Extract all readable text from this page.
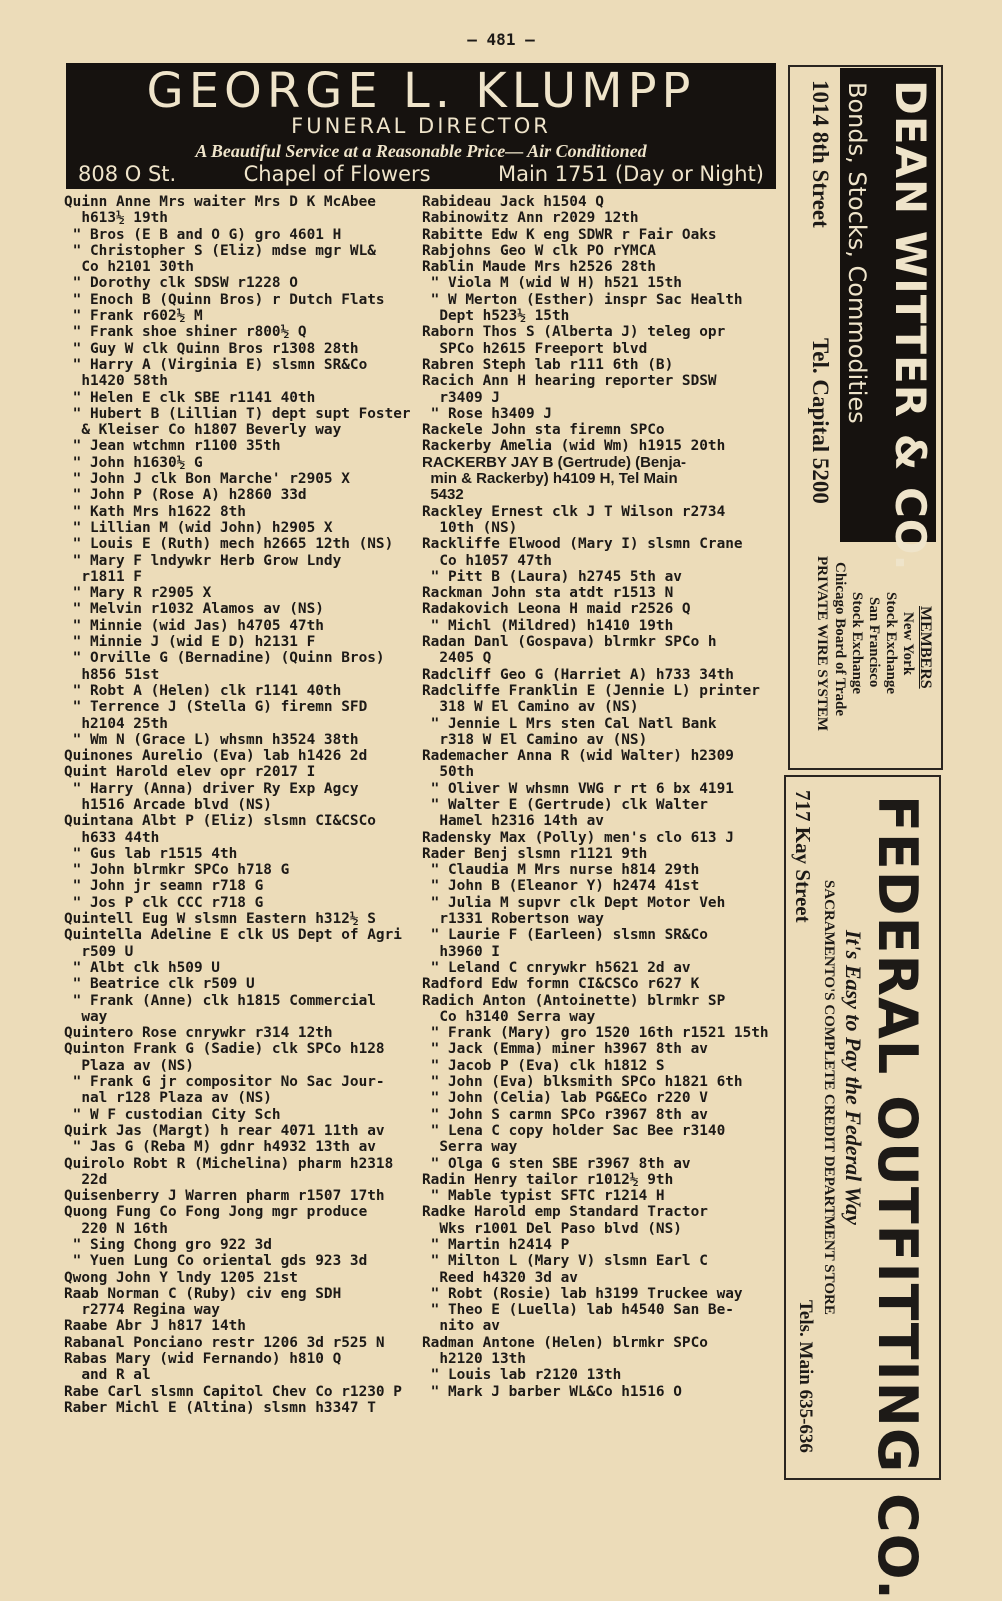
— 481 —
GEORGE L. KLUMPP
FUNERAL DIRECTOR
A Beautiful Service at a Reasonable Price— Air Conditioned
808 O St.	Chapel of Flowers	Main 1751 (Day or Night)
Quinn Anne Mrs waiter Mrs D K McAbee
h613½ 19th
" Bros (E B and O G) gro 4601 H
" Christopher S (Eliz) mdse mgr WL&
Co h2101 30th
" Dorothy clk SDSW r1228 O
" Enoch B (Quinn Bros) r Dutch Flats
" Frank r602½ M
" Frank shoe shiner r800½ Q
" Guy W clk Quinn Bros r1308 28th
" Harry A (Virginia E) slsmn SR&Co
h1420 58th
" Helen E clk SBE r1141 40th
" Hubert B (Lillian T) dept supt Foster
& Kleiser Co h1807 Beverly way
" Jean wtchmn r1100 35th
" John h1630½ G
" John J clk Bon Marche' r2905 X
" John P (Rose A) h2860 33d
" Kath Mrs h1622 8th
" Lillian M (wid John) h2905 X
" Louis E (Ruth) mech h2665 12th (NS)
" Mary F lndywkr Herb Grow Lndy
r1811 F
" Mary R r2905 X
" Melvin r1032 Alamos av (NS)
" Minnie (wid Jas) h4705 47th
" Minnie J (wid E D) h2131 F
" Orville G (Bernadine) (Quinn Bros)
h856 51st
" Robt A (Helen) clk r1141 40th
" Terrence J (Stella G) firemn SFD
h2104 25th
" Wm N (Grace L) whsmn h3524 38th
Quinones Aurelio (Eva) lab h1426 2d
Quint Harold elev opr r2017 I
" Harry (Anna) driver Ry Exp Agcy
h1516 Arcade blvd (NS)
Quintana Albt P (Eliz) slsmn CI&CSCo
h633 44th
" Gus lab r1515 4th
" John blrmkr SPCo h718 G
" John jr seamn r718 G
" Jos P clk CCC r718 G
Quintell Eug W slsmn Eastern h312½ S
Quintella Adeline E clk US Dept of Agri
r509 U
" Albt clk h509 U
" Beatrice clk r509 U
" Frank (Anne) clk h1815 Commercial
way
Quintero Rose cnrywkr r314 12th
Quinton Frank G (Sadie) clk SPCo h128
Plaza av (NS)
" Frank G jr compositor No Sac Jour-
nal r128 Plaza av (NS)
" W F custodian City Sch
Quirk Jas (Margt) h rear 4071 11th av
" Jas G (Reba M) gdnr h4932 13th av
Quirolo Robt R (Michelina) pharm h2318
22d
Quisenberry J Warren pharm r1507 17th
Quong Fung Co Fong Jong mgr produce
220 N 16th
" Sing Chong gro 922 3d
" Yuen Lung Co oriental gds 923 3d
Qwong John Y lndy 1205 21st
Raab Norman C (Ruby) civ eng SDH
r2774 Regina way
Raabe Abr J h817 14th
Rabanal Ponciano restr 1206 3d r525 N
Rabas Mary (wid Fernando) h810 Q
and R al
Rabe Carl slsmn Capitol Chev Co r1230 P
Raber Michl E (Altina) slsmn h3347 T
Rabideau Jack h1504 Q
Rabinowitz Ann r2029 12th
Rabitte Edw K eng SDWR r Fair Oaks
Rabjohns Geo W clk PO rYMCA
Rablin Maude Mrs h2526 28th
" Viola M (wid W H) h521 15th
" W Merton (Esther) inspr Sac Health
Dept h523½ 15th
Raborn Thos S (Alberta J) teleg opr
SPCo h2615 Freeport blvd
Rabren Steph lab r111 6th (B)
Racich Ann H hearing reporter SDSW
r3409 J
" Rose h3409 J
Rackele John sta firemn SPCo
Rackerby Amelia (wid Wm) h1915 20th
RACKERBY JAY B (Gertrude) (Benja-
min & Rackerby) h4109 H, Tel Main
5432
Rackley Ernest clk J T Wilson r2734
10th (NS)
Rackliffe Elwood (Mary I) slsmn Crane
Co h1057 47th
" Pitt B (Laura) h2745 5th av
Rackman John sta atdt r1513 N
Radakovich Leona H maid r2526 Q
" Michl (Mildred) h1410 19th
Radan Danl (Gospava) blrmkr SPCo h
2405 Q
Radcliff Geo G (Harriet A) h733 34th
Radcliffe Franklin E (Jennie L) printer
318 W El Camino av (NS)
" Jennie L Mrs sten Cal Natl Bank
r318 W El Camino av (NS)
Rademacher Anna R (wid Walter) h2309
50th
" Oliver W whsmn VWG r rt 6 bx 4191
" Walter E (Gertrude) clk Walter
Hamel h2316 14th av
Radensky Max (Polly) men's clo 613 J
Rader Benj slsmn r1121 9th
" Claudia M Mrs nurse h814 29th
" John B (Eleanor Y) h2474 41st
" Julia M supvr clk Dept Motor Veh
r1331 Robertson way
" Laurie F (Earleen) slsmn SR&Co
h3960 I
" Leland C cnrywkr h5621 2d av
Radford Edw formn CI&CSCo r627 K
Radich Anton (Antoinette) blrmkr SP
Co h3140 Serra way
" Frank (Mary) gro 1520 16th r1521 15th
" Jack (Emma) miner h3967 8th av
" Jacob P (Eva) clk h1812 S
" John (Eva) blksmith SPCo h1821 6th
" John (Celia) lab PG&ECo r220 V
" John S carmn SPCo r3967 8th av
" Lena C copy holder Sac Bee r3140
Serra way
" Olga G sten SBE r3967 8th av
Radin Henry tailor r1012½ 9th
" Mable typist SFTC r1214 H
Radke Harold emp Standard Tractor
Wks r1001 Del Paso blvd (NS)
" Martin h2414 P
" Milton L (Mary V) slsmn Earl C
Reed h4320 3d av
" Robt (Rosie) lab h3199 Truckee way
" Theo E (Luella) lab h4540 San Be-
nito av
Radman Antone (Helen) blrmkr SPCo
h2120 13th
" Louis lab r2120 13th
" Mark J barber WL&Co h1516 O
DEAN WITTER & CO.
Bonds, Stocks, Commodities
1014 8th Street
Tel. Capital 5200
MEMBERS
New York
Stock Exchange
San Francisco
Stock Exchange
Chicago Board of Trade
PRIVATE WIRE SYSTEM
717 Kay Street FEDERAL OUTFITTING CO.
It's Easy to Pay the Federal Way
SACRAMENTO'S COMPLETE CREDIT DEPARTMENT STORE
Tels. Main 635-636
